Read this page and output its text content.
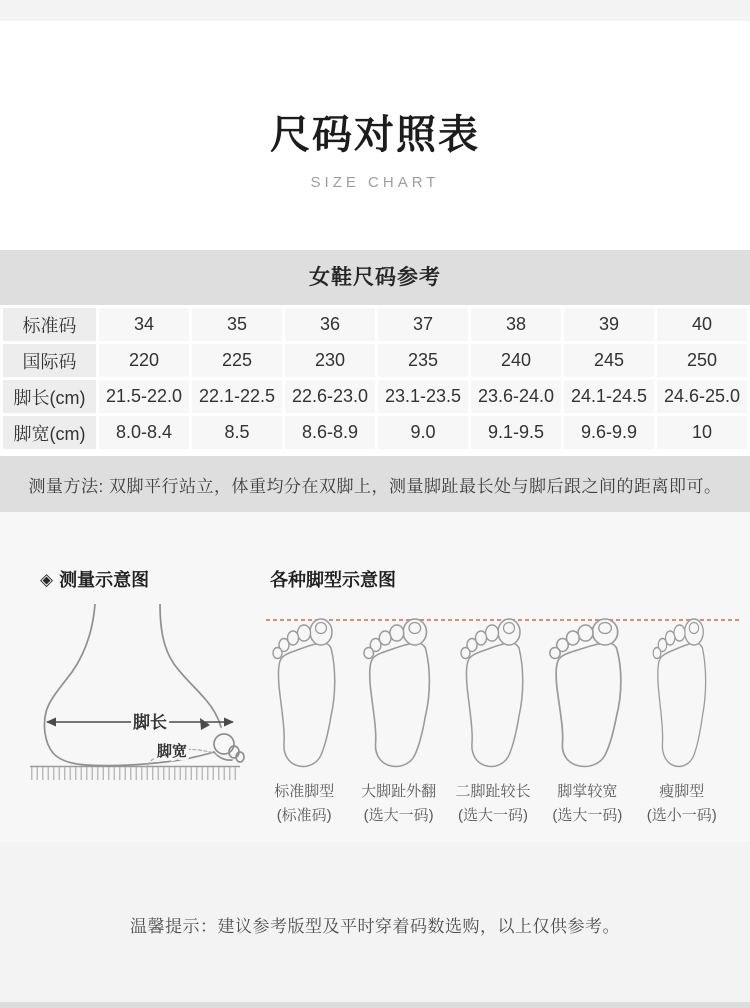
尺码对照表
SIZE CHART
女鞋尺码参考
标准码	34	35	36	37	38	39	40
国际码	220	225	230	235	240	245	250
脚长(cm)	21.5-22.0	22.1-22.5	22.6-23.0	23.1-23.5	23.6-24.0	24.1-24.5	24.6-25.0
脚宽(cm)	8.0-8.4	8.5	8.6-8.9	9.0	9.1-9.5	9.6-9.9	10
测量方法: 双脚平行站立，体重均分在双脚上，测量脚趾最长处与脚后跟之间的距离即可。
◈ 测量示意图	各种脚型示意图
脚长
脚宽
标准脚型
(标准码)
大脚趾外翻
(选大一码)
二脚趾较长
(选大一码)
脚掌较宽
(选大一码)
瘦脚型
(选小一码)
温馨提示：建议参考版型及平时穿着码数选购，以上仅供参考。
